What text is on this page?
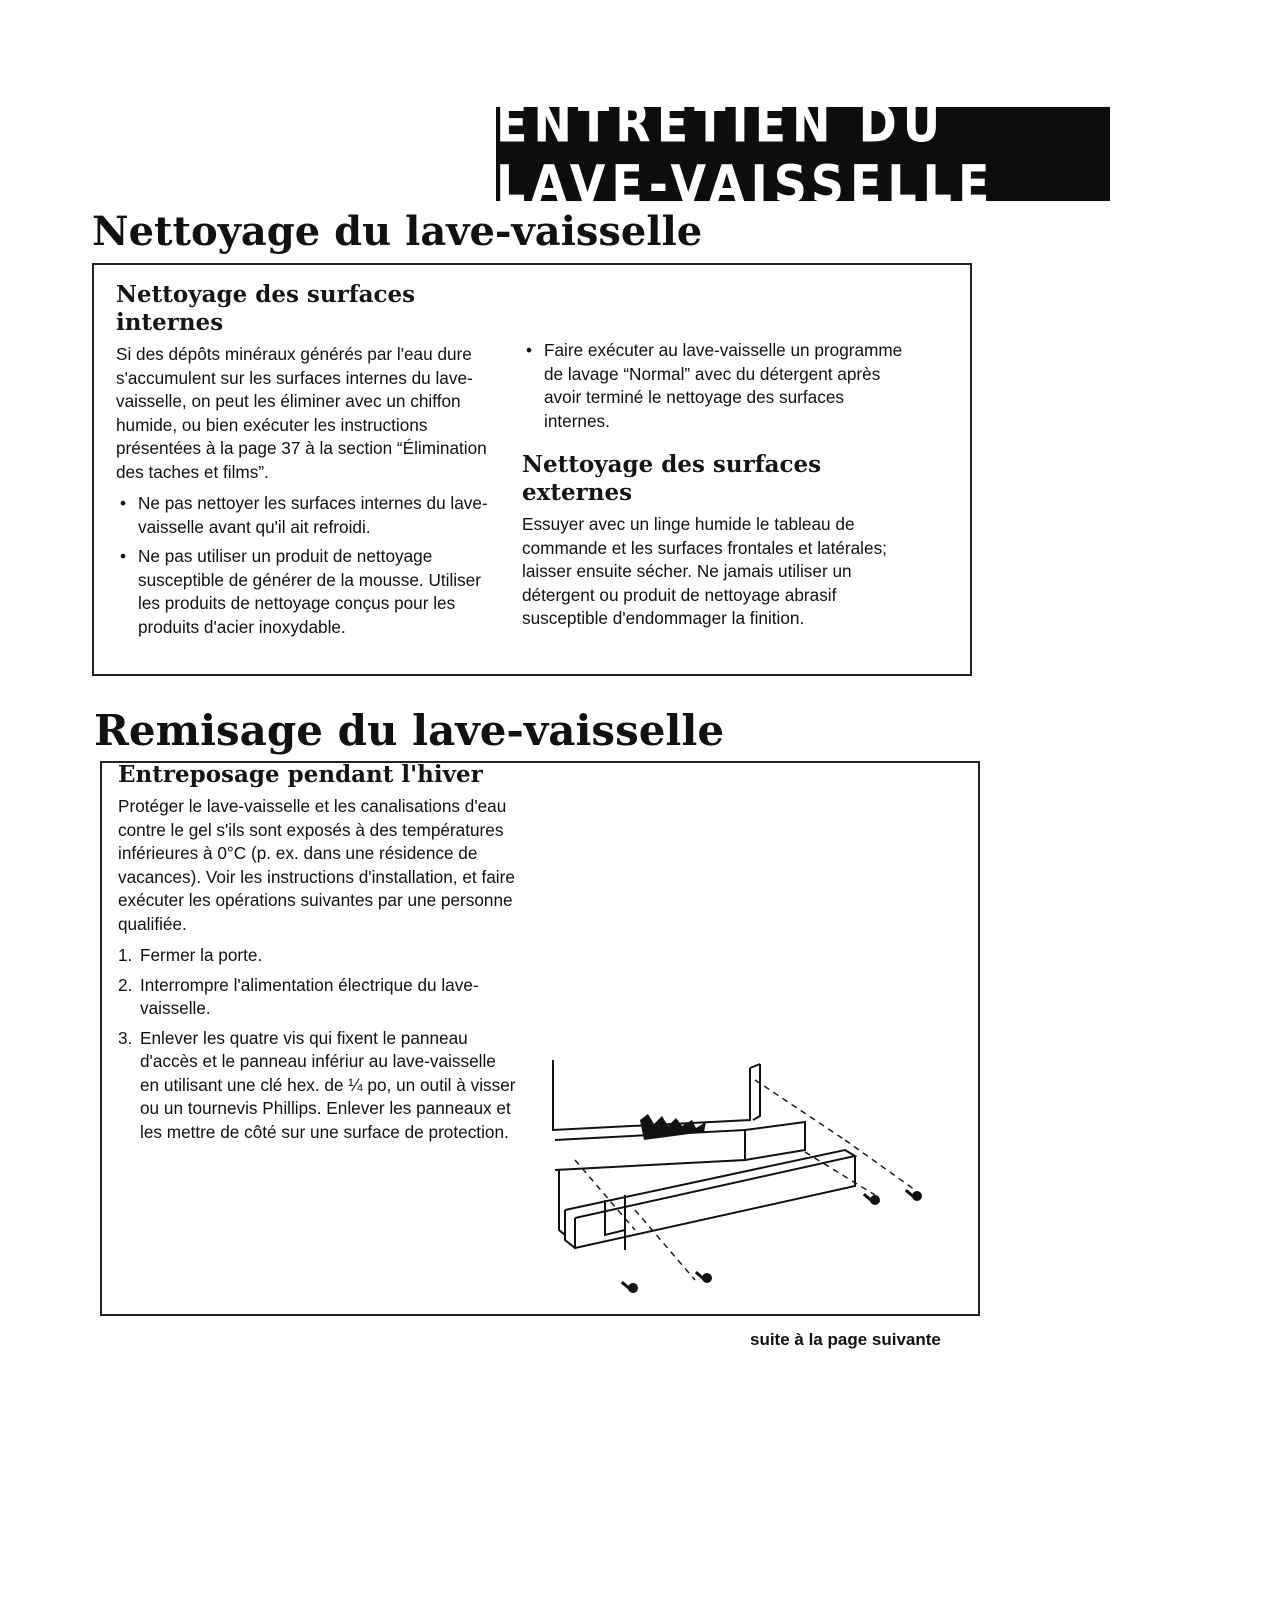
ENTRETIEN DU LAVE-VAISSELLE
Nettoyage du lave-vaisselle
Nettoyage des surfaces internes

Si des dépôts minéraux générés par l'eau dure s'accumulent sur les surfaces internes du lave-vaisselle, on peut les éliminer avec un chiffon humide, ou bien exécuter les instructions présentées à la page 37 à la section “Élimination des taches et films”.

• Ne pas nettoyer les surfaces internes du lave-vaisselle avant qu'il ait refroidi.
• Ne pas utiliser un produit de nettoyage susceptible de générer de la mousse. Utiliser les produits de nettoyage conçus pour les produits d'acier inoxydable.
• Faire exécuter au lave-vaisselle un programme de lavage “Normal” avec du détergent après avoir terminé le nettoyage des surfaces internes.
Nettoyage des surfaces externes

Essuyer avec un linge humide le tableau de commande et les surfaces frontales et latérales; laisser ensuite sécher. Ne jamais utiliser un détergent ou produit de nettoyage abrasif susceptible d'endommager la finition.

Remisage du lave-vaisselle
Entreposage pendant l'hiver

Protéger le lave-vaisselle et les canalisations d'eau contre le gel s'ils sont exposés à des températures inférieures à 0°C (p. ex. dans une résidence de vacances). Voir les instructions d'installation, et faire exécuter les opérations suivantes par une personne qualifiée.

1. Fermer la porte.
2. Interrompre l'alimentation électrique du lave-vaisselle.
3. Enlever les quatre vis qui fixent le panneau d'accès et le panneau infériur au lave-vaisselle en utilisant une clé hex. de ¼ po, un outil à visser ou un tournevis Phillips. Enlever les panneaux et les mettre de côté sur une surface de protection.
suite à la page suivante
